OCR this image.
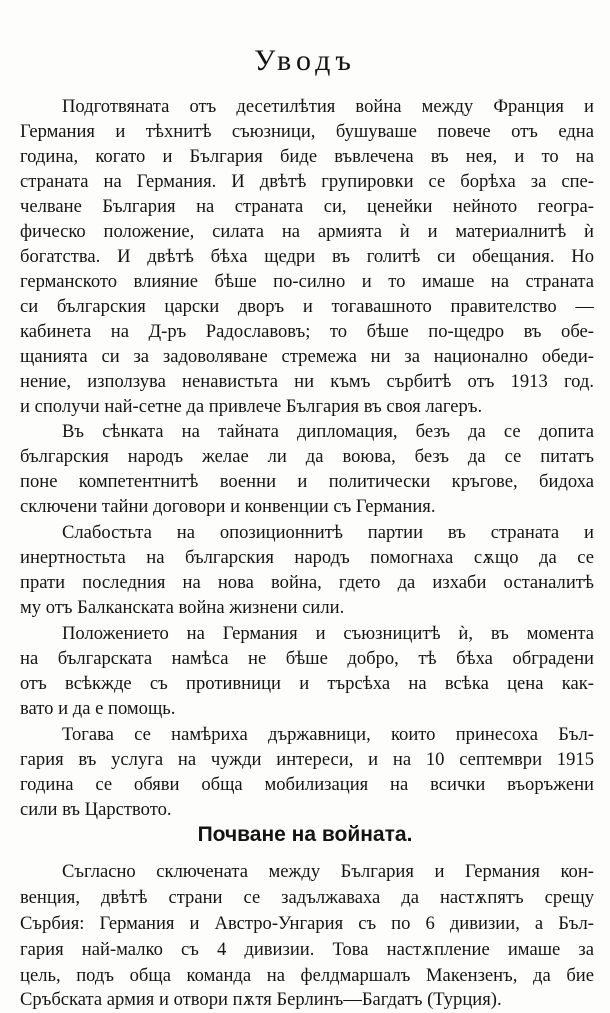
Уводъ

Подготвяната отъ десетилѣтия война между Франция и

Германия и тѣхнитѣ съюзници, бушуваше повече отъ една

година, когато и България биде въвлечена въ нея, и то на

страната на Германия. И двѣтѣ групировки се борѣха за спе-

челване България на страната си, ценейки нейното геогра-

фическо положение, силата на армията ѝ и материалнитѣ ѝ

богатства. И двѣтѣ бѣха щедри въ голитѣ си обещания. Но

германското влияние бѣше по-силно и то имаше на страната

си българския царски дворъ и тогавашното правителство —

кабинета на Д-ръ Радославовъ; то бѣше по-щедро въ обе-

щанията си за задоволяване стремежа ни за национално обеди-

нение, използува ненавистьта ни къмъ сърбитѣ отъ 1913 год.

и сполучи най-сетне да привлече България въ своя лагеръ.

Въ сѣнката на тайната дипломация, безъ да се допита

българския народъ желае ли да воюва, безъ да се питатъ

поне компетентнитѣ военни и политически кръгове, бидоха

сключени тайни договори и конвенции съ Германия.

Слабостьта на опозиционнитѣ партии въ страната и

инертностьта на българския народъ помогнаха сѫщо да се

прати последния на нова война, гдето да изхаби останалитѣ

му отъ Балканската война жизнени сили.

Положението на Германия и съюзницитѣ ѝ, въ момента

на българската намѣса не бѣше добро, тѣ бѣха обградени

отъ всѣкжде съ противници и търсѣха на всѣка цена как-

вато и да е помощь.

Тогава се намѣриха държавници, които принесоха Бъл-

гария въ услуга на чужди интереси, и на 10 септември 1915

година се обяви обща мобилизация на всички въоръжени

сили въ Царството.

Почване на войната.

Съгласно сключената между България и Германия кон-

венция, двѣтѣ страни се задължаваха да настѫпятъ срещу

Сърбия: Германия и Австро-Унгария съ по 6 дивизии, а Бъл-

гария най-малко съ 4 дивизии. Това настѫпление имаше за

цель, подъ обща команда на фелдмаршалъ Макензенъ, да бие

Сръбската армия и отвори пѫтя Берлинъ—Багдатъ (Турция).
